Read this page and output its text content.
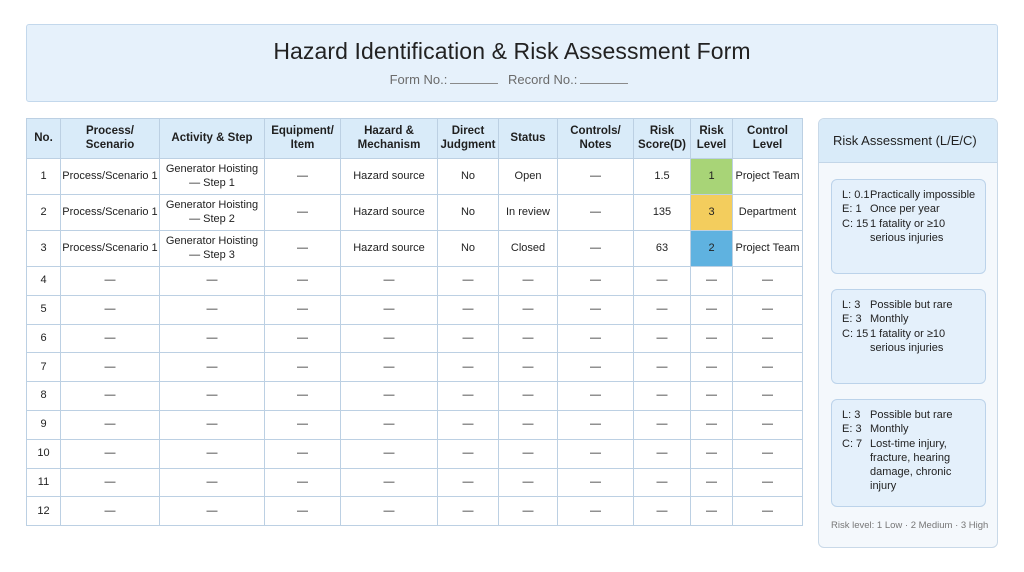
Hazard Identification & Risk Assessment Form
Form No.:	Record No.:
No.	Process/ Scenario	Activity & Step	Equipment/ Item	Hazard & Mechanism	Direct Judgment	Status	Controls/ Notes	Risk Score(D)	Risk Level	Control Level
1	Process/Scenario 1	Generator Hoisting — Step 1	—	Hazard source	No	Open	—	1.5	1	Project Team
2	Process/Scenario 1	Generator Hoisting — Step 2	—	Hazard source	No	In review	—	135	3	Department
3	Process/Scenario 1	Generator Hoisting — Step 3	—	Hazard source	No	Closed	—	63	2	Project Team
4	—	—	—	—	—	—	—	—	—	—
5	—	—	—	—	—	—	—	—	—	—
6	—	—	—	—	—	—	—	—	—	—
7	—	—	—	—	—	—	—	—	—	—
8	—	—	—	—	—	—	—	—	—	—
9	—	—	—	—	—	—	—	—	—	—
10	—	—	—	—	—	—	—	—	—	—
11	—	—	—	—	—	—	—	—	—	—
12	—	—	—	—	—	—	—	—	—	—
Risk Assessment (L/E/C)
L: 0.1 Practically impossible
E: 1 Once per year
C: 15 1 fatality or ≥10 serious injuries
L: 3 Possible but rare
E: 3 Monthly
C: 15 1 fatality or ≥10 serious injuries
L: 3 Possible but rare
E: 3 Monthly
C: 7 Lost-time injury, fracture, hearing damage, chronic injury
Risk level: 1 Low · 2 Medium · 3 High
